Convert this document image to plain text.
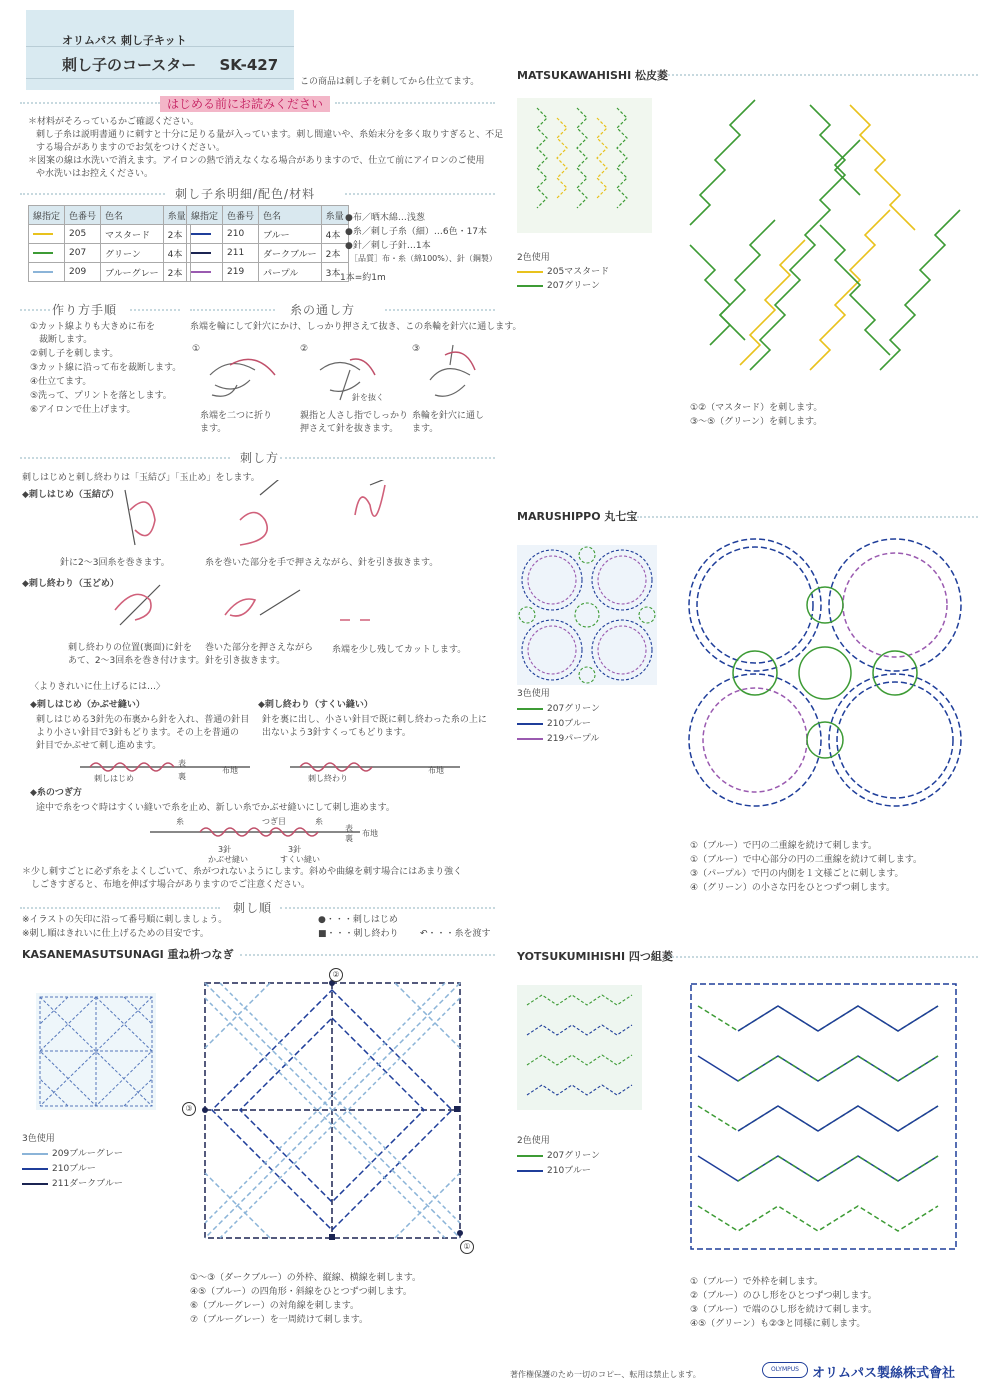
オリムパス 刺し子キット
刺し子のコースター SK-427
この商品は刺し子を刺してから仕立てます。
はじめる前にお読みください
＊材料がそろっているかご確認ください。
刺し子糸は説明書通りに刺すと十分に足りる量が入っています。刺し間違いや、糸始末分を多く取りすぎると、不足
する場合がありますのでお気をつけください。
＊図案の線は水洗いで消えます。アイロンの熱で消えなくなる場合がありますので、仕立て前にアイロンのご使用
や水洗いはお控えください。
刺し子糸明細/配色/材料
線指定	色番号	色名	糸量
	205	マスタード	2本
	207	グリーン	4本
	209	ブルーグレー	2本
線指定	色番号	色名	糸量
	210	ブルー	4本
	211	ダークブルー	2本
	219	パープル	3本 1本=約1m
●布／晒木綿…浅葱
●糸／刺し子糸（細）…6色・17本
●針／刺し子針…1本
［品質］布・糸（綿100%）、針（鋼製）
作り方手順
①カット線よりも大きめに布を
　裁断します。
②刺し子を刺します。
③カット線に沿って布を裁断します。
④仕立てます。
⑤洗って、プリントを落とします。
⑥アイロンで仕上げます。
糸の通し方
糸端を輪にして針穴にかけ、しっかり押さえて抜き、この糸輪を針穴に通します。
①	②	③
針を抜く
糸端を二つに折り
ます。
親指と人さし指でしっかり
押さえて針を抜きます。
糸輪を針穴に通し
ます。
刺し方
刺しはじめと刺し終わりは「玉結び」「玉止め」をします。
◆刺しはじめ（玉結び）
針に2～3回糸を巻きます。	糸を巻いた部分を手で押さえながら、針を引き抜きます。
◆刺し終わり（玉どめ）
刺し終わりの位置(裏面)に針を
あて、2～3回糸を巻き付けます。
巻いた部分を押さえながら
針を引き抜きます。
糸端を少し残してカットします。
〈よりきれいに仕上げるには…〉
◆刺しはじめ（かぶせ縫い）
刺しはじめる3針先の布裏から針を入れ、普通の針目
より小さい針目で3針もどります。その上を普通の
針目でかぶせて刺し進めます。
◆刺し終わり（すくい縫い）
針を裏に出し、小さい針目で既に刺し終わった糸の上に
出ないよう3針すくってもどります。
表
裏
布地
刺しはじめ
布地
刺し終わり
◆糸のつぎ方
途中で糸をつぐ時はすくい縫いで糸を止め、新しい糸でかぶせ縫いにして刺し進めます。
糸	つぎ目	糸
表
裏
布地
3針	3針
かぶせ縫い	すくい縫い
＊少し刺すごとに必ず糸をよくしごいて、糸がつれないようにします。斜めや曲線を刺す場合にはあまり強く
　しごきすぎると、布地を伸ばす場合がありますのでご注意ください。
刺し順
※イラストの矢印に沿って番号順に刺しましょう。
※刺し順はきれいに仕上げるための目安です。
●・・・刺しはじめ
■・・・刺し終わり ↶・・・糸を渡す
KASANEMASUTSUNAGI 重ね枡つなぎ
3色使用
209ブルーグレー
210ブルー
211ダークブルー
②
③
①
①～③（ダークブルー）の外枠、縦線、横線を刺します。
④⑤（ブルー）の四角形・斜線をひとつずつ刺します。
⑥（ブルーグレー）の対角線を刺します。
⑦（ブルーグレー）を一周続けて刺します。
MATSUKAWAHISHI 松皮菱
2色使用
205マスタード
207グリーン
①②（マスタード）を刺します。
③～⑤（グリーン）を刺します。
MARUSHIPPO 丸七宝
3色使用
207グリーン
210ブルー
219パープル
①（ブルー）で円の二重線を続けて刺します。
①（ブルー）で中心部分の円の二重線を続けて刺します。
③（パープル）で円の内側を１文様ごとに刺します。
④（グリーン）の小さな円をひとつずつ刺します。
YOTSUKUMIHISHI 四つ組菱
2色使用
207グリーン
210ブルー
①（ブルー）で外枠を刺します。
②（ブルー）のひし形をひとつずつ刺します。
③（ブルー）で端のひし形を続けて刺します。
④⑤（グリーン）も②③と同様に刺します。
著作権保護のため一切のコピー、転用は禁止します。
OLYMPUS	オリムパス製絲株式會社
